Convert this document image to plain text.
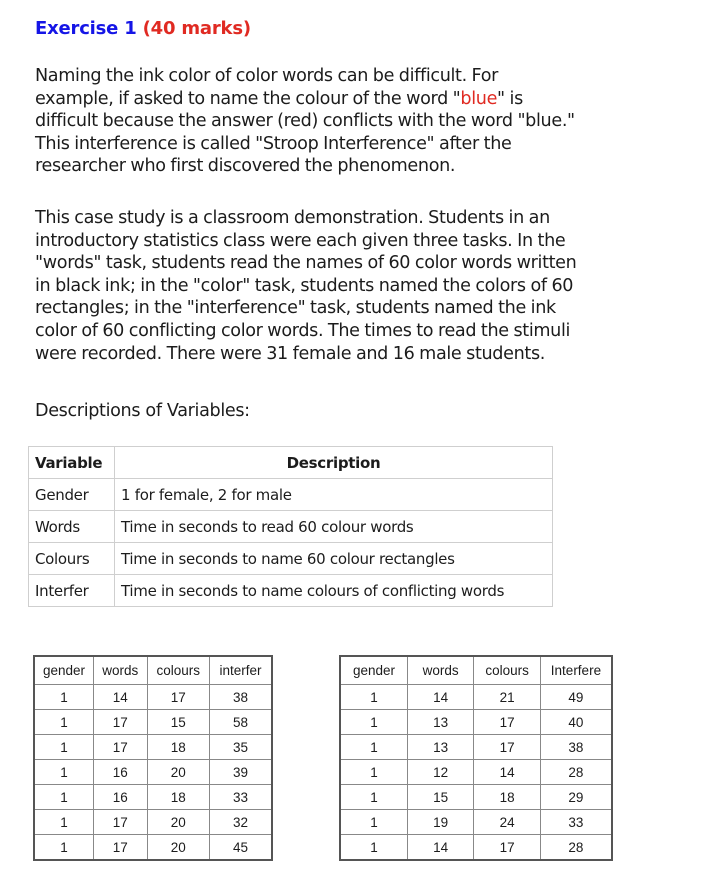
Exercise 1 (40 marks)
Naming the ink color of color words can be difficult. For
example, if asked to name the colour of the word "blue" is
difficult because the answer (red) conflicts with the word "blue."
This interference is called "Stroop Interference" after the
researcher who first discovered the phenomenon.
This case study is a classroom demonstration. Students in an
introductory statistics class were each given three tasks. In the
"words" task, students read the names of 60 color words written
in black ink; in the "color" task, students named the colors of 60
rectangles; in the "interference" task, students named the ink
color of 60 conflicting color words. The times to read the stimuli
were recorded. There were 31 female and 16 male students.
Descriptions of Variables:
Variable	Description
Gender	1 for female, 2 for male
Words	Time in seconds to read 60 colour words
Colours	Time in seconds to name 60 colour rectangles
Interfer	Time in seconds to name colours of conflicting words
gender	words	colours	interfer
1	14	17	38
1	17	15	58
1	17	18	35
1	16	20	39
1	16	18	33
1	17	20	32
1	17	20	45
gender	words	colours	Interfere
1	14	21	49
1	13	17	40
1	13	17	38
1	12	14	28
1	15	18	29
1	19	24	33
1	14	17	28
